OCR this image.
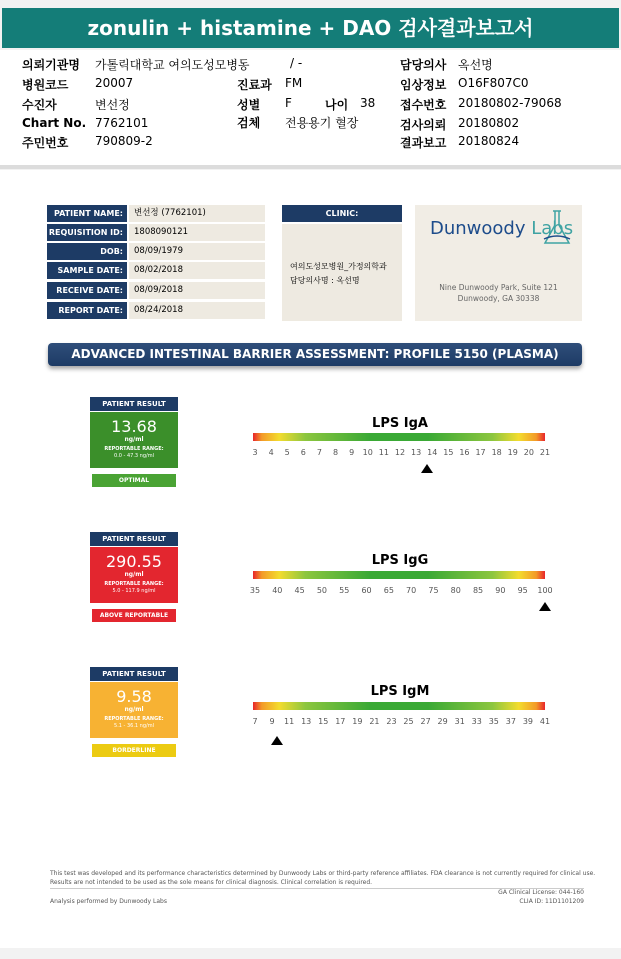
zonulin + histamine + DAO 검사결과보고서
의뢰기관명 가톨릭대학교 여의도성모병동	/ -	담당의사 옥선명
병원코드 20007	진료과 FM	임상정보 O16F807C0
수진자	변선정	성별 F	나이 38 접수번호 20180802-79068
Chart No. 7762101	검체 전용용기 혈장	검사의뢰 20180802
주민번호 790809-2	결과보고 20180824
PATIENT NAME:	변선정 (7762101)
REQUISITION ID:	1808090121
DOB:	08/09/1979
SAMPLE DATE:	08/02/2018
RECEIVE DATE:	08/09/2018
REPORT DATE:	08/24/2018
CLINIC:
여의도성모병원_가정의학과
담당의사명 : 옥선명
Dunwoody Labs
Nine Dunwoody Park, Suite 121
Dunwoody, GA 30338
ADVANCED INTESTINAL BARRIER ASSESSMENT: PROFILE 5150 (PLASMA)
PATIENT RESULT
13.68
ng/ml
REPORTABLE RANGE:
0.0 - 47.3 ng/ml
OPTIMAL
LPS IgA
3 4 5 6 7 8 9 10 11 12 13 14 15 16 17 18 19 20 21
PATIENT RESULT
290.55
ng/ml
REPORTABLE RANGE:
5.0 - 117.9 ng/ml
ABOVE REPORTABLE RANGE
LPS IgG
35 40 45 50 55 60 65 70 75 80 85 90 95 100
PATIENT RESULT
9.58
ng/ml
REPORTABLE RANGE:
5.1 - 36.1 ng/ml
BORDERLINE
LPS IgM
7 9 11 13 15 17 19 21 23 25 27 29 31 33 35 37 39 41
This test was developed and its performance characteristics determined by Dunwoody Labs or third-party reference affiliates. FDA clearance is not currently required for clinical use.
Results are not intended to be used as the sole means for clinical diagnosis. Clinical correlation is required.
GA Clinical License: 044-160
CLIA ID: 11D1101209
Analysis performed by Dunwoody Labs
